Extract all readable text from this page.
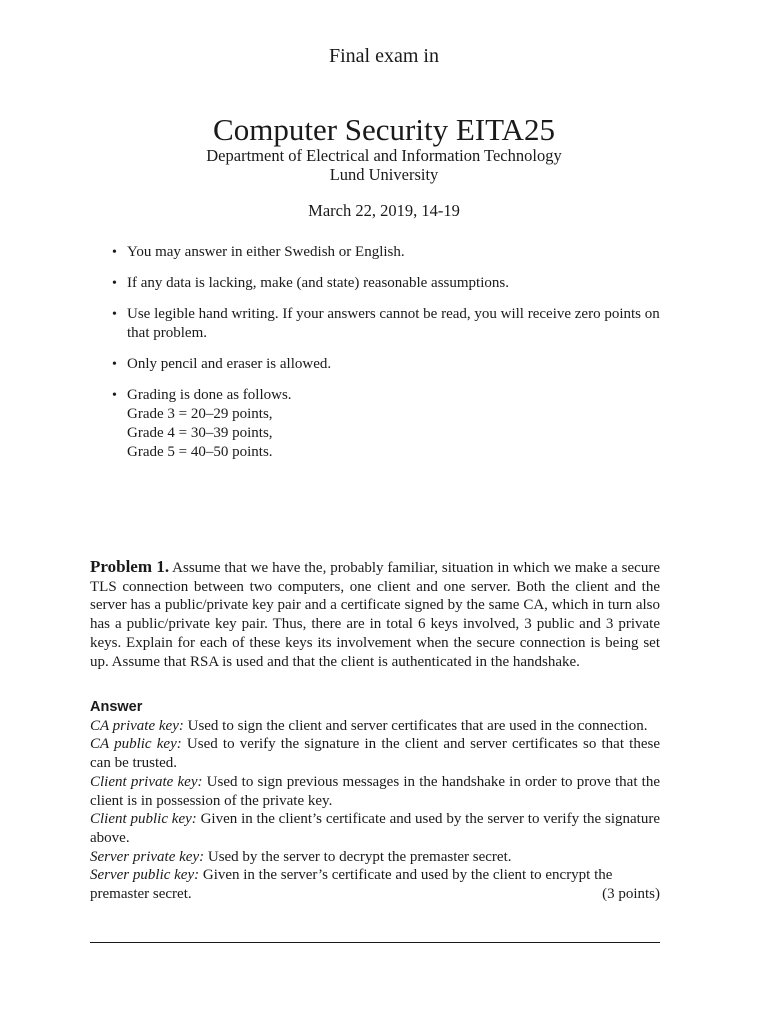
Final exam in
Computer Security EITA25
Department of Electrical and Information Technology
Lund University
March 22, 2019, 14-19
• You may answer in either Swedish or English.
• If any data is lacking, make (and state) reasonable assumptions.
• Use legible hand writing. If your answers cannot be read, you will receive zero points on that problem.
• Only pencil and eraser is allowed.
• Grading is done as follows.
Grade 3 = 20–29 points,
Grade 4 = 30–39 points,
Grade 5 = 40–50 points.
Problem 1. Assume that we have the, probably familiar, situation in which we make a secure TLS connection between two computers, one client and one server. Both the client and the server has a public/private key pair and a certificate signed by the same CA, which in turn also has a public/private key pair. Thus, there are in total 6 keys involved, 3 public and 3 private keys. Explain for each of these keys its involvement when the secure connection is being set up. Assume that RSA is used and that the client is authenticated in the handshake.
Answer
CA private key: Used to sign the client and server certificates that are used in the connection.
CA public key: Used to verify the signature in the client and server certificates so that these can be trusted.
Client private key: Used to sign previous messages in the handshake in order to prove that the client is in possession of the private key.
Client public key: Given in the client’s certificate and used by the server to verify the signature above.
Server private key: Used by the server to decrypt the premaster secret.
Server public key: Given in the server’s certificate and used by the client to encrypt the
premaster secret.	(3 points)
